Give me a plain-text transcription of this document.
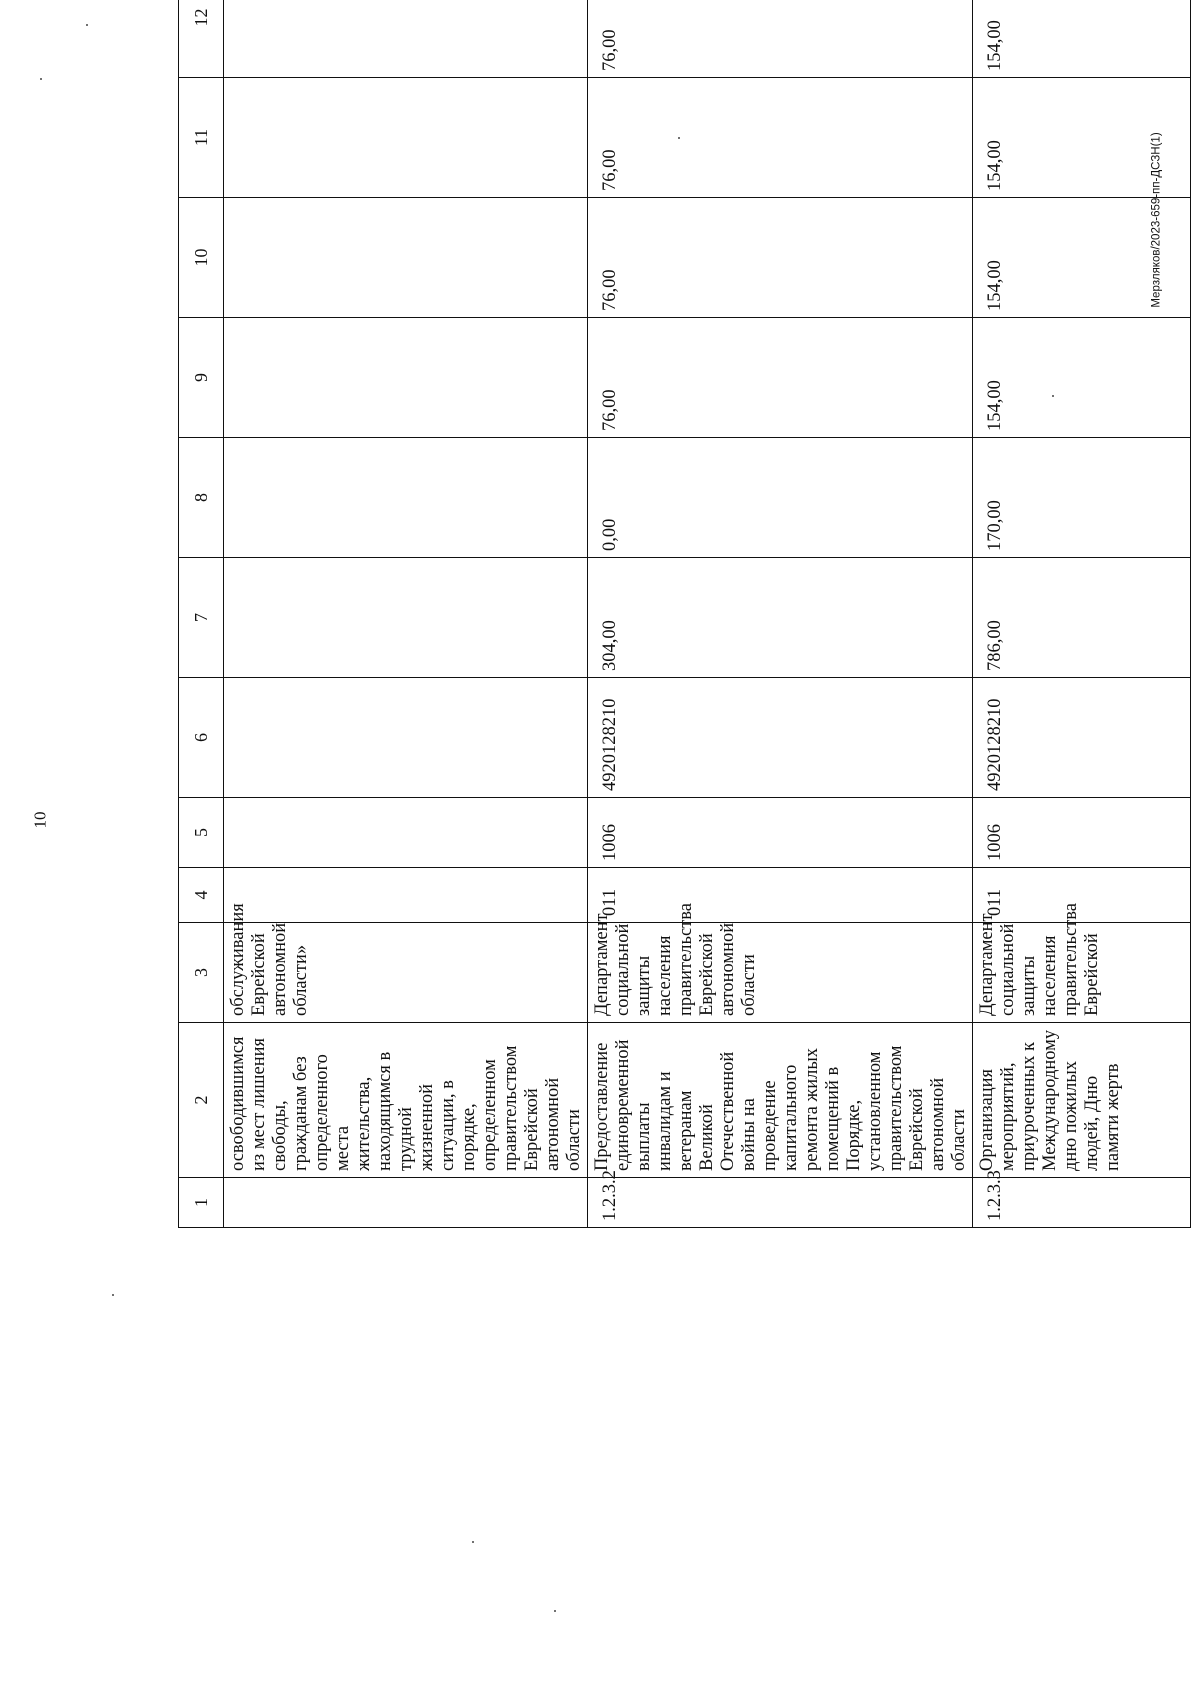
10
Мерзляков/2023-659-пп-ДСЗН(1)
1	2	3	4	5	6	7	8	9	10	11	12
	освободившимся из мест лишения свободы, гражданам без определенного места жительства, находящимся в трудной жизненной ситуации, в порядке, определенном правительством Еврейской автономной области	обслуживания Еврейской автономной области»									
1.2.3.2	Предоставление единовременной выплаты инвалидам и ветеранам Великой Отечественной войны на проведение капитального ремонта жилых помещений в Порядке, установленном правительством Еврейской автономной области	Департамент социальной защиты населения правительства Еврейской автономной области	011	1006	4920128210	304,00	0,00	76,00	76,00	76,00	76,00
1.2.3.3	Организация мероприятий, приуроченных к Международному дню пожилых людей, Дню памяти жертв	Департамент социальной защиты населения правительства Еврейской	011	1006	4920128210	786,00	170,00	154,00	154,00	154,00	154,00
